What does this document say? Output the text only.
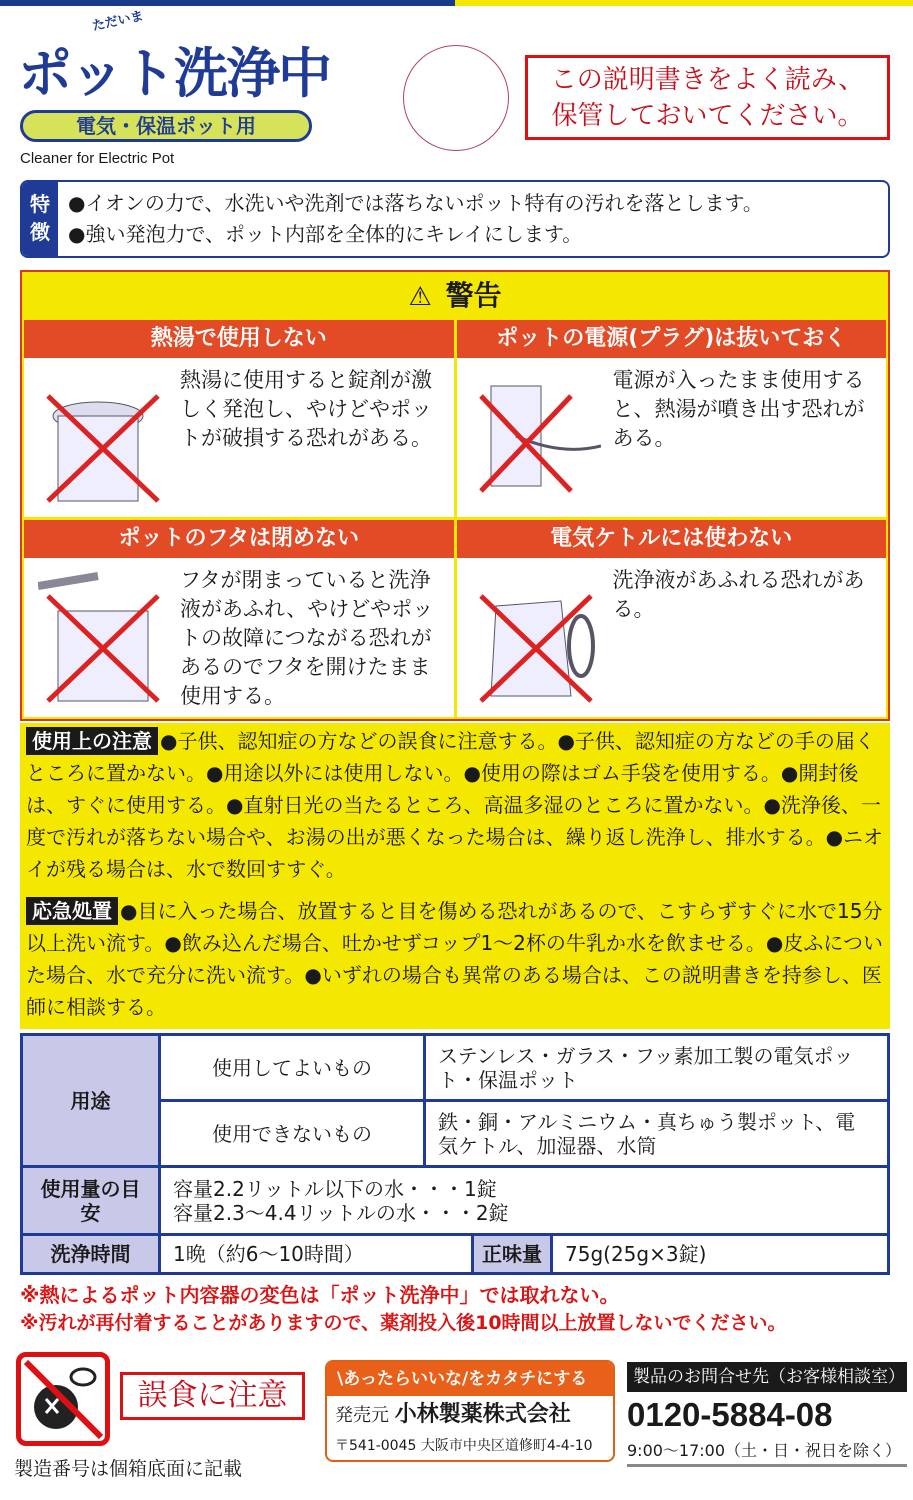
ただいま
ポット洗浄中
電気・保温ポット用
Cleaner for Electric Pot
この説明書きをよく読み、保管しておいてください。
特徴
●イオンの力で、水洗いや洗剤では落ちないポット特有の汚れを落とします。
●強い発泡力で、ポット内部を全体的にキレイにします。
⚠ 警告
熱湯で使用しない
熱湯に使用すると錠剤が激しく発泡し、やけどやポットが破損する恐れがある。
ポットの電源(プラグ)は抜いておく
電源が入ったまま使用すると、熱湯が噴き出す恐れがある。
ポットのフタは閉めない
フタが閉まっていると洗浄液があふれ、やけどやポットの故障につながる恐れがあるのでフタを開けたまま使用する。
電気ケトルには使わない
洗浄液があふれる恐れがある。
使用上の注意 ●子供、認知症の方などの誤食に注意する。●子供、認知症の方などの手の届くところに置かない。●用途以外には使用しない。●使用の際はゴム手袋を使用する。●開封後は、すぐに使用する。●直射日光の当たるところ、高温多湿のところに置かない。●洗浄後、一度で汚れが落ちない場合や、お湯の出が悪くなった場合は、繰り返し洗浄し、排水する。●ニオイが残る場合は、水で数回すすぐ。
応急処置 ●目に入った場合、放置すると目を傷める恐れがあるので、こすらずすぐに水で15分以上洗い流す。●飲み込んだ場合、吐かせずコップ1〜2杯の牛乳か水を飲ませる。●皮ふについた場合、水で充分に洗い流す。●いずれの場合も異常のある場合は、この説明書きを持参し、医師に相談する。
用途	使用してよいもの	ステンレス・ガラス・フッ素加工製の電気ポット・保温ポット
	使用できないもの	鉄・銅・アルミニウム・真ちゅう製ポット、電気ケトル、加湿器、水筒
使用量の目安	容量2.2リットル以下の水・・・1錠
容量2.3〜4.4リットルの水・・・2錠	

洗浄時間	1晩（約6〜10時間） 正味量 75g(25g×3錠)	
※熱によるポット内容器の変色は「ポット洗浄中」では取れない。
※汚れが再付着することがありますので、薬剤投入後10時間以上放置しないでください。
誤食に注意
製造番号は個箱底面に記載
\あったらいいな/をカタチにする
発売元 小林製薬株式会社
〒541-0045 大阪市中央区道修町4-4-10
製品のお問合せ先（お客様相談室）
0120-5884-08
9:00〜17:00（土・日・祝日を除く）
